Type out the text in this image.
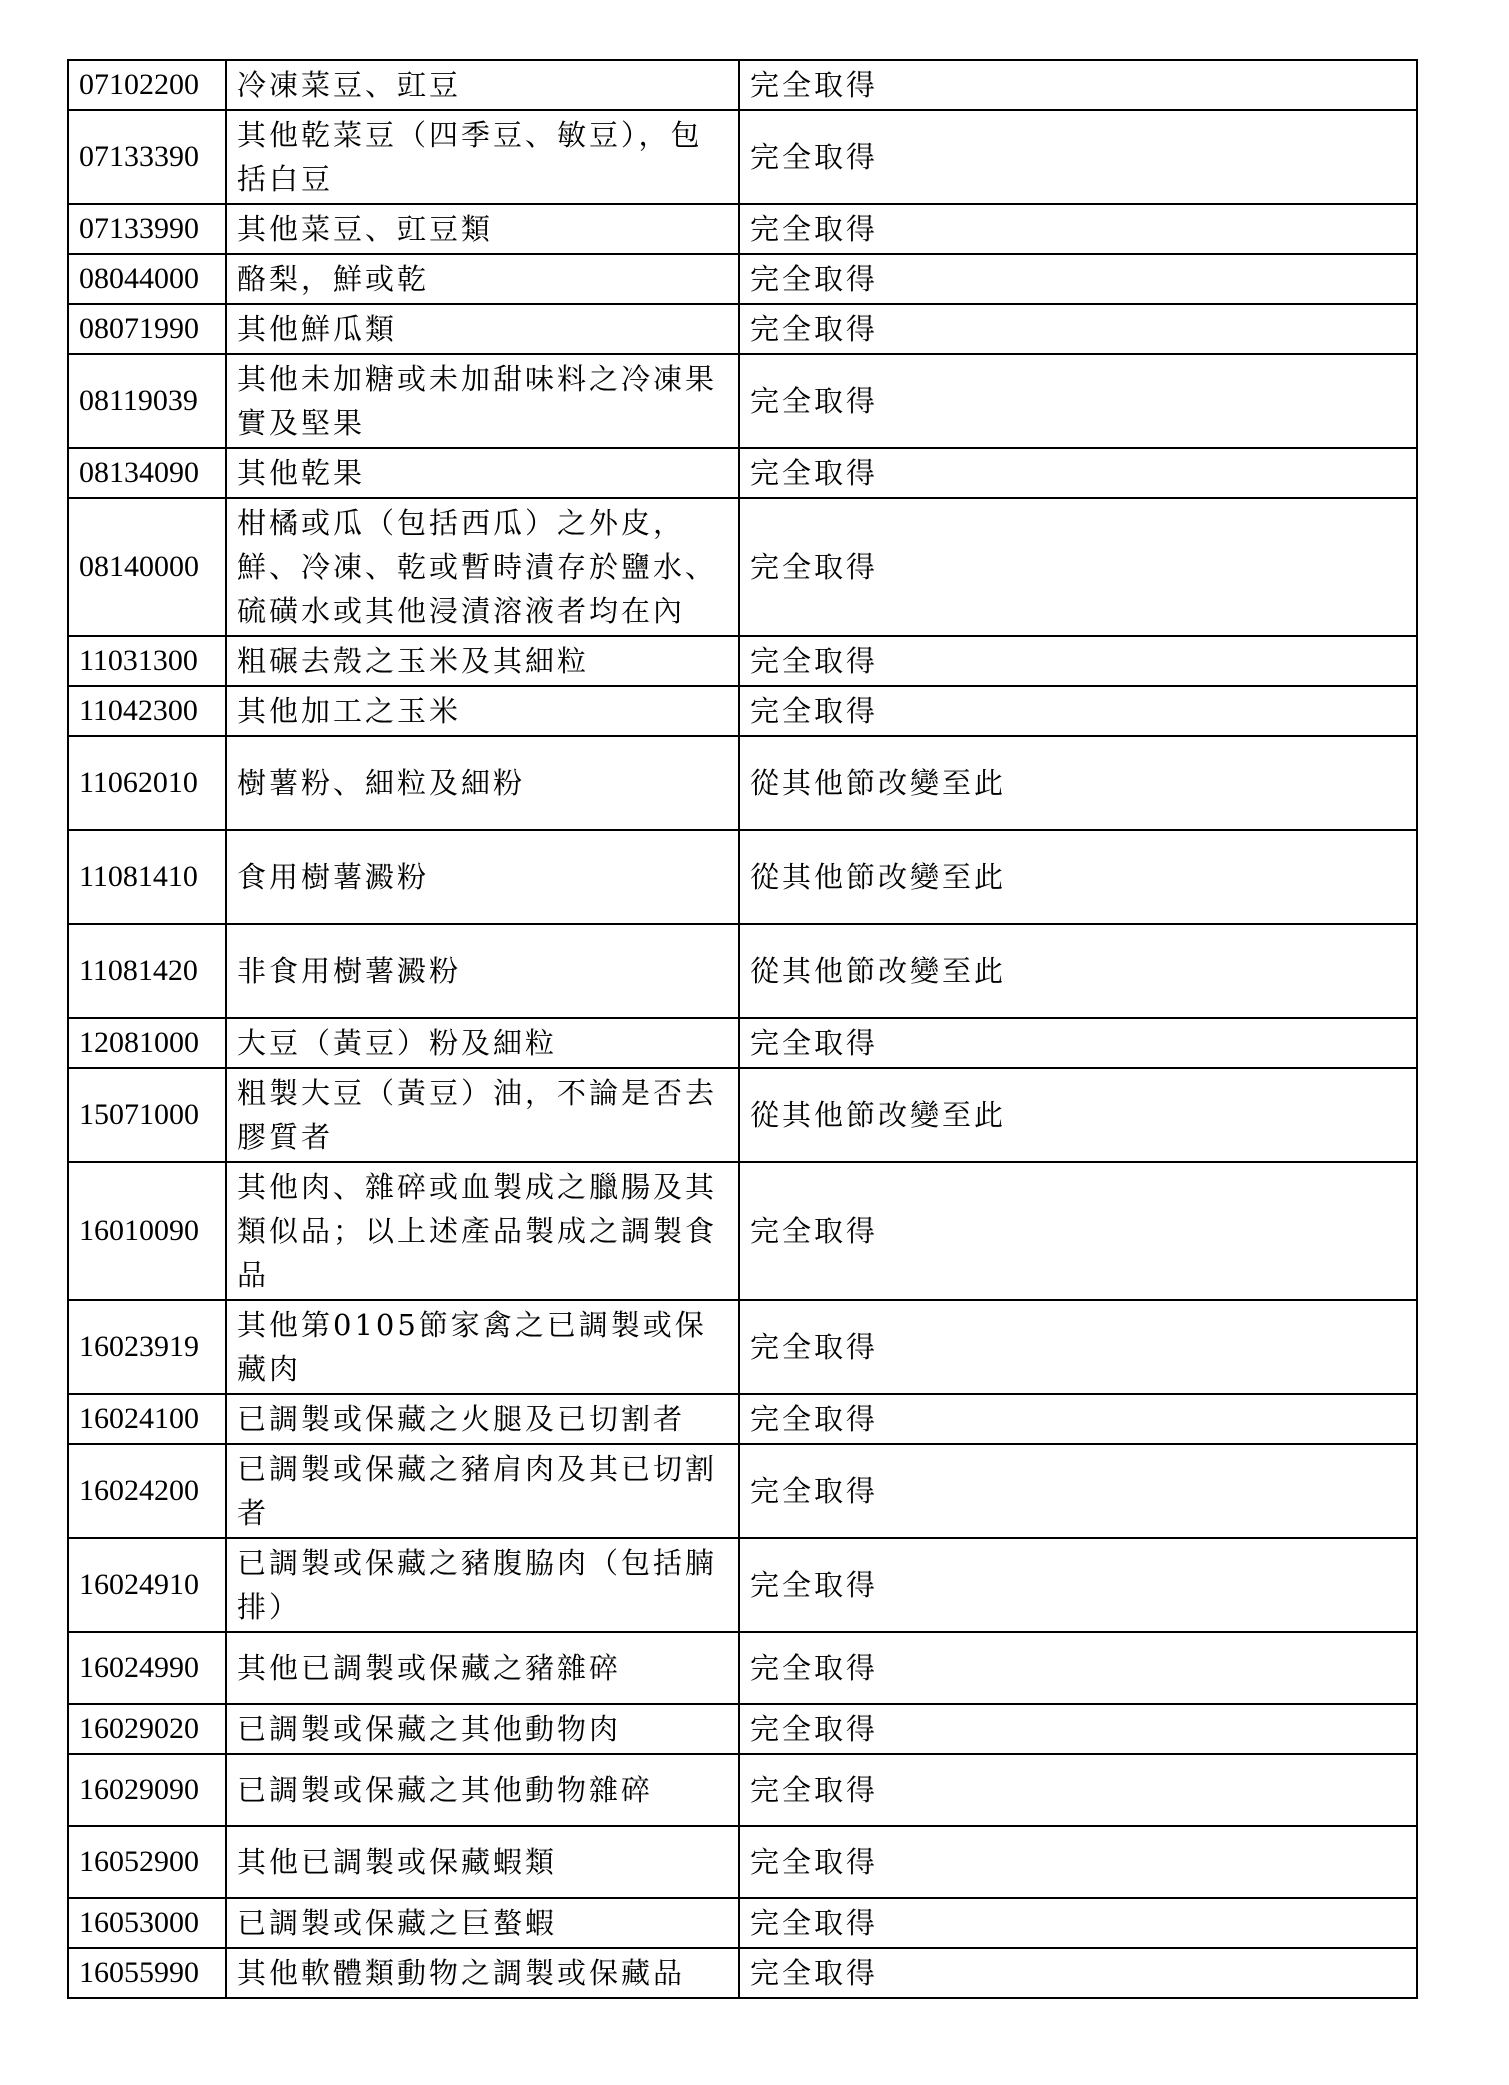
07102200	冷凍菜豆、豇豆	完全取得
07133390	其他乾菜豆（四季豆、敏豆），包括白豆	完全取得
07133990	其他菜豆、豇豆類	完全取得
08044000	酪梨，鮮或乾	完全取得
08071990	其他鮮瓜類	完全取得
08119039	其他未加糖或未加甜味料之冷凍果實及堅果	完全取得
08134090	其他乾果	完全取得
08140000	柑橘或瓜（包括西瓜）之外皮，鮮、冷凍、乾或暫時漬存於鹽水、硫磺水或其他浸漬溶液者均在內	完全取得
11031300	粗碾去殼之玉米及其細粒	完全取得
11042300	其他加工之玉米	完全取得
11062010	樹薯粉、細粒及細粉	從其他節改變至此
11081410	食用樹薯澱粉	從其他節改變至此
11081420	非食用樹薯澱粉	從其他節改變至此
12081000	大豆（黃豆）粉及細粒	完全取得
15071000	粗製大豆（黃豆）油，不論是否去膠質者	從其他節改變至此
16010090	其他肉、雜碎或血製成之臘腸及其類似品；以上述產品製成之調製食品	完全取得
16023919	其他第0105節家禽之已調製或保藏肉	完全取得
16024100	已調製或保藏之火腿及已切割者	完全取得
16024200	已調製或保藏之豬肩肉及其已切割者	完全取得
16024910	已調製或保藏之豬腹脇肉（包括腩排）	完全取得
16024990	其他已調製或保藏之豬雜碎	完全取得
16029020	已調製或保藏之其他動物肉	完全取得
16029090	已調製或保藏之其他動物雜碎	完全取得
16052900	其他已調製或保藏蝦類	完全取得
16053000	已調製或保藏之巨螯蝦	完全取得
16055990	其他軟體類動物之調製或保藏品	完全取得
